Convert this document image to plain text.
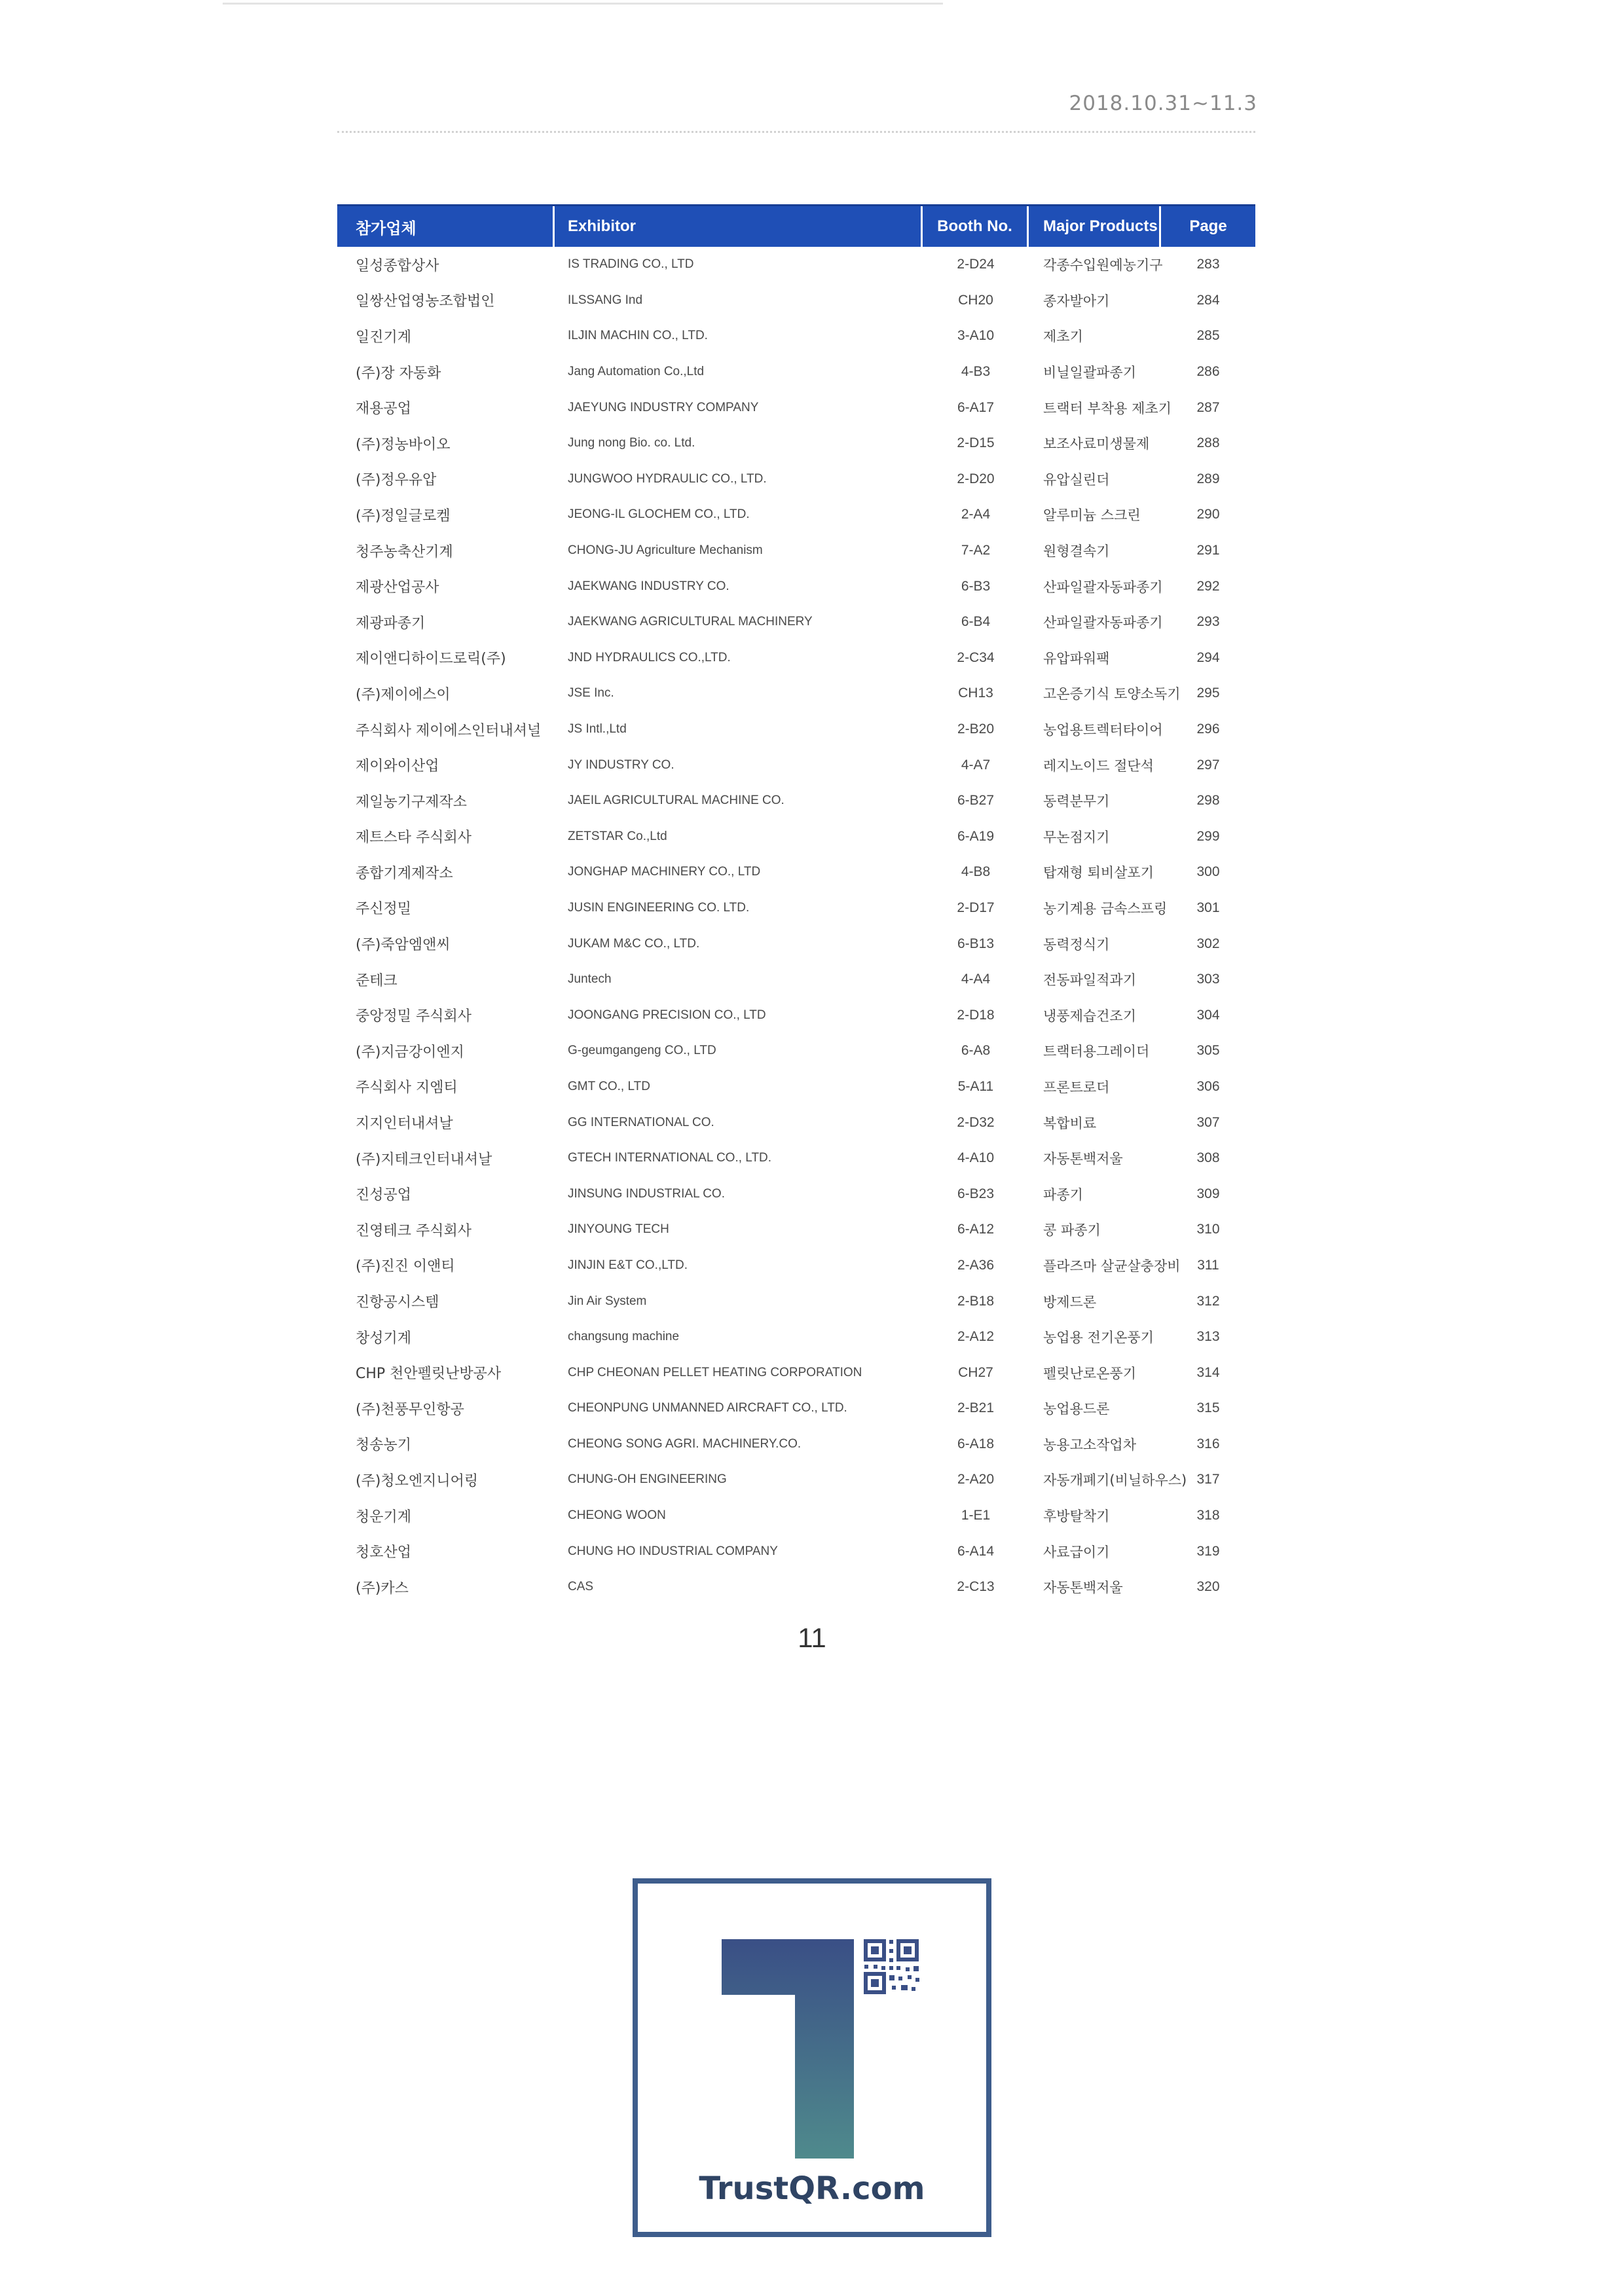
2018.10.31~11.3
참가업체	Exhibitor	Booth No.	Major Products	Page
일성종합상사	IS TRADING CO., LTD	2-D24	각종수입원예농기구	283
일쌍산업영농조합법인	ILSSANG Ind	CH20	종자발아기	284
일진기계	ILJIN MACHIN CO., LTD.	3-A10	제초기	285
(주)장 자동화	Jang Automation Co.,Ltd	4-B3	비닐일괄파종기	286
재용공업	JAEYUNG INDUSTRY COMPANY	6-A17	트랙터 부착용 제초기	287
(주)정농바이오	Jung nong Bio. co. Ltd.	2-D15	보조사료미생물제	288
(주)정우유압	JUNGWOO HYDRAULIC CO., LTD.	2-D20	유압실린더	289
(주)정일글로켐	JEONG-IL GLOCHEM CO., LTD.	2-A4	알루미늄 스크린	290
청주농축산기계	CHONG-JU Agriculture Mechanism	7-A2	원형결속기	291
제광산업공사	JAEKWANG INDUSTRY CO.	6-B3	산파일괄자동파종기	292
제광파종기	JAEKWANG AGRICULTURAL MACHINERY	6-B4	산파일괄자동파종기	293
제이앤디하이드로릭(주)	JND HYDRAULICS CO.,LTD.	2-C34	유압파워팩	294
(주)제이에스이	JSE Inc.	CH13	고온증기식 토양소독기	295
주식회사 제이에스인터내셔널	JS Intl.,Ltd	2-B20	농업용트렉터타이어	296
제이와이산업	JY INDUSTRY CO.	4-A7	레지노이드 절단석	297
제일농기구제작소	JAEIL AGRICULTURAL MACHINE CO.	6-B27	동력분무기	298
제트스타 주식회사	ZETSTAR Co.,Ltd	6-A19	무논점지기	299
종합기계제작소	JONGHAP MACHINERY CO., LTD	4-B8	탑재형 퇴비살포기	300
주신정밀	JUSIN ENGINEERING CO. LTD.	2-D17	농기계용 금속스프링	301
(주)죽암엠앤씨	JUKAM M&C CO., LTD.	6-B13	동력정식기	302
준테크	Juntech	4-A4	전동파일적과기	303
중앙정밀 주식회사	JOONGANG PRECISION CO., LTD	2-D18	냉풍제습건조기	304
(주)지금강이엔지	G-geumgangeng CO., LTD	6-A8	트랙터용그레이더	305
주식회사 지엠티	GMT CO., LTD	5-A11	프론트로더	306
지지인터내셔날	GG INTERNATIONAL CO.	2-D32	복합비료	307
(주)지테크인터내셔날	GTECH INTERNATIONAL CO., LTD.	4-A10	자동톤백저울	308
진성공업	JINSUNG INDUSTRIAL CO.	6-B23	파종기	309
진영테크 주식회사	JINYOUNG TECH	6-A12	콩 파종기	310
(주)진진 이앤티	JINJIN E&T CO.,LTD.	2-A36	플라즈마 살균살충장비	311
진항공시스템	Jin Air System	2-B18	방제드론	312
창성기계	changsung machine	2-A12	농업용 전기온풍기	313
CHP 천안펠릿난방공사	CHP CHEONAN PELLET HEATING CORPORATION	CH27	펠릿난로온풍기	314
(주)천풍무인항공	CHEONPUNG UNMANNED AIRCRAFT CO., LTD.	2-B21	농업용드론	315
청송농기	CHEONG SONG AGRI. MACHINERY.CO.	6-A18	농용고소작업차	316
(주)청오엔지니어링	CHUNG-OH ENGINEERING	2-A20	자동개폐기(비닐하우스) 317
청운기계	CHEONG WOON	1-E1	후방탈착기	318
청호산업	CHUNG HO INDUSTRIAL COMPANY	6-A14	사료급이기	319
(주)카스	CAS	2-C13	자동톤백저울	320
11
TrustQR.com
